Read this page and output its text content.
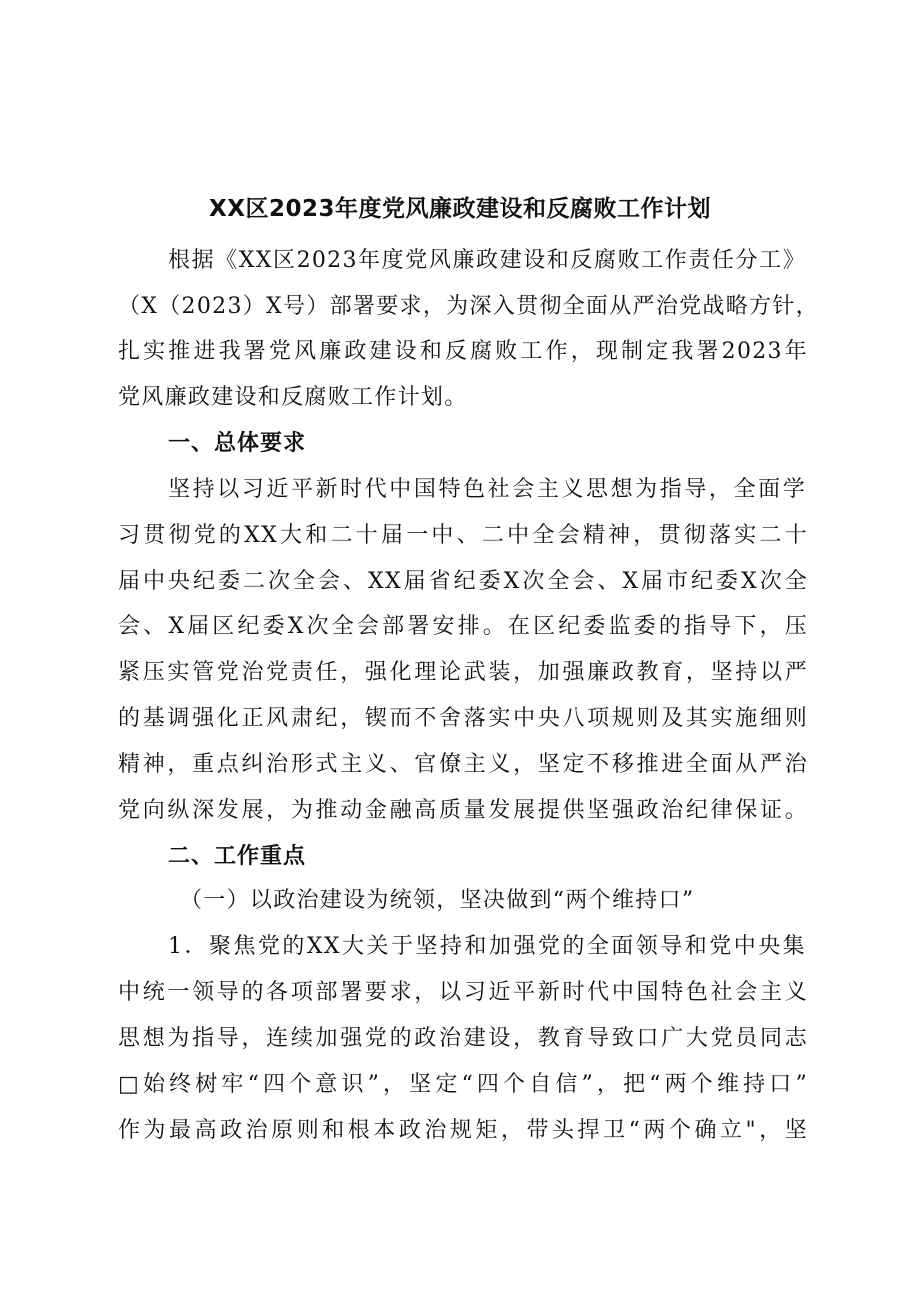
XX区2023年度党风廉政建设和反腐败工作计划
根据《XX区2023年度党风廉政建设和反腐败工作责任分工》
（X（2023）X号）部署要求，为深入贯彻全面从严治党战略方针，
扎实推进我署党风廉政建设和反腐败工作，现制定我署2023年
党风廉政建设和反腐败工作计划。
一、总体要求
坚持以习近平新时代中国特色社会主义思想为指导，全面学
习贯彻党的XX大和二十届一中、二中全会精神，贯彻落实二十
届中央纪委二次全会、XX届省纪委X次全会、X届市纪委X次全
会、X届区纪委X次全会部署安排。在区纪委监委的指导下，压
紧压实管党治党责任，强化理论武装，加强廉政教育，坚持以严
的基调强化正风肃纪，锲而不舍落实中央八项规则及其实施细则
精神，重点纠治形式主义、官僚主义，坚定不移推进全面从严治
党向纵深发展，为推动金融高质量发展提供坚强政治纪律保证。
二、工作重点
（一）以政治建设为统领，坚决做到“两个维持口”
1．聚焦党的XX大关于坚持和加强党的全面领导和党中央集
中统一领导的各项部署要求，以习近平新时代中国特色社会主义
思想为指导，连续加强党的政治建设，教育导致口广大党员同志
□始终树牢“四个意识”，坚定“四个自信”，把“两个维持口”
作为最高政治原则和根本政治规矩，带头捍卫“两个确立"，坚
